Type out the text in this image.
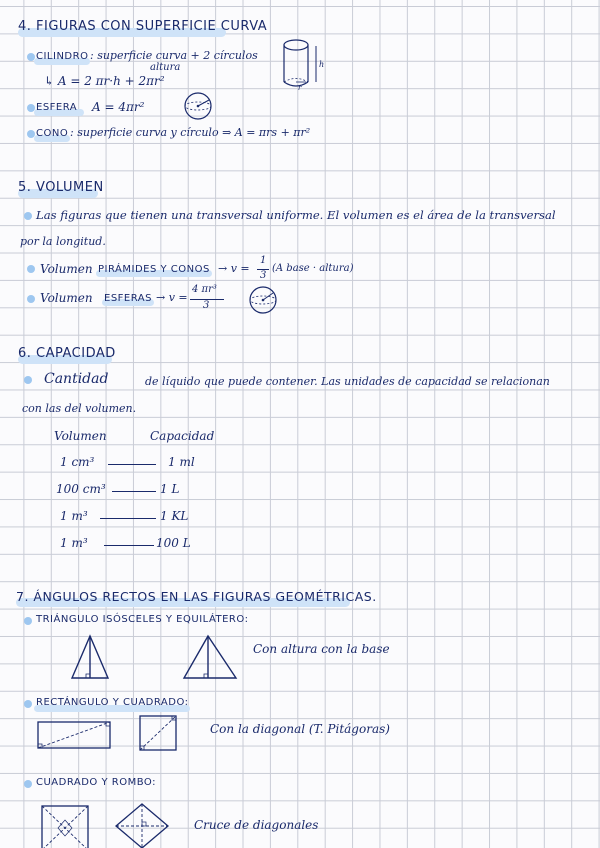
4. FIGURAS CON SUPERFICIE CURVA
CILINDRO : superficie curva + 2 círculos
altura
↳ A = 2 πr·h + 2πr²
h
r
ESFERA A = 4πr²
CONO : superficie curva y círculo ⇒ A = πrs + πr²
5. VOLUMEN
Las figuras que tienen una transversal uniforme. El volumen es el área de la transversal
por la longitud.
Volumen PIRÁMIDES Y CONOS → v =
1
3
(A base · altura)
Volumen ESFERAS → v =
4 πr³
3
6. CAPACIDAD
Cantidad	de líquido que puede contener. Las unidades de capacidad se relacionan
con las del volumen.
Volumen	Capacidad
1 cm³	1 ml
100 cm³	1 L
1 m³	1 KL
1 m³	100 L
7. ÁNGULOS RECTOS EN LAS FIGURAS GEOMÉTRICAS.
TRIÁNGULO ISÓSCELES Y EQUILÁTERO:
Con altura con la base
RECTÁNGULO Y CUADRADO:
Con la diagonal (T. Pitágoras)
CUADRADO Y ROMBO:
Cruce de diagonales
